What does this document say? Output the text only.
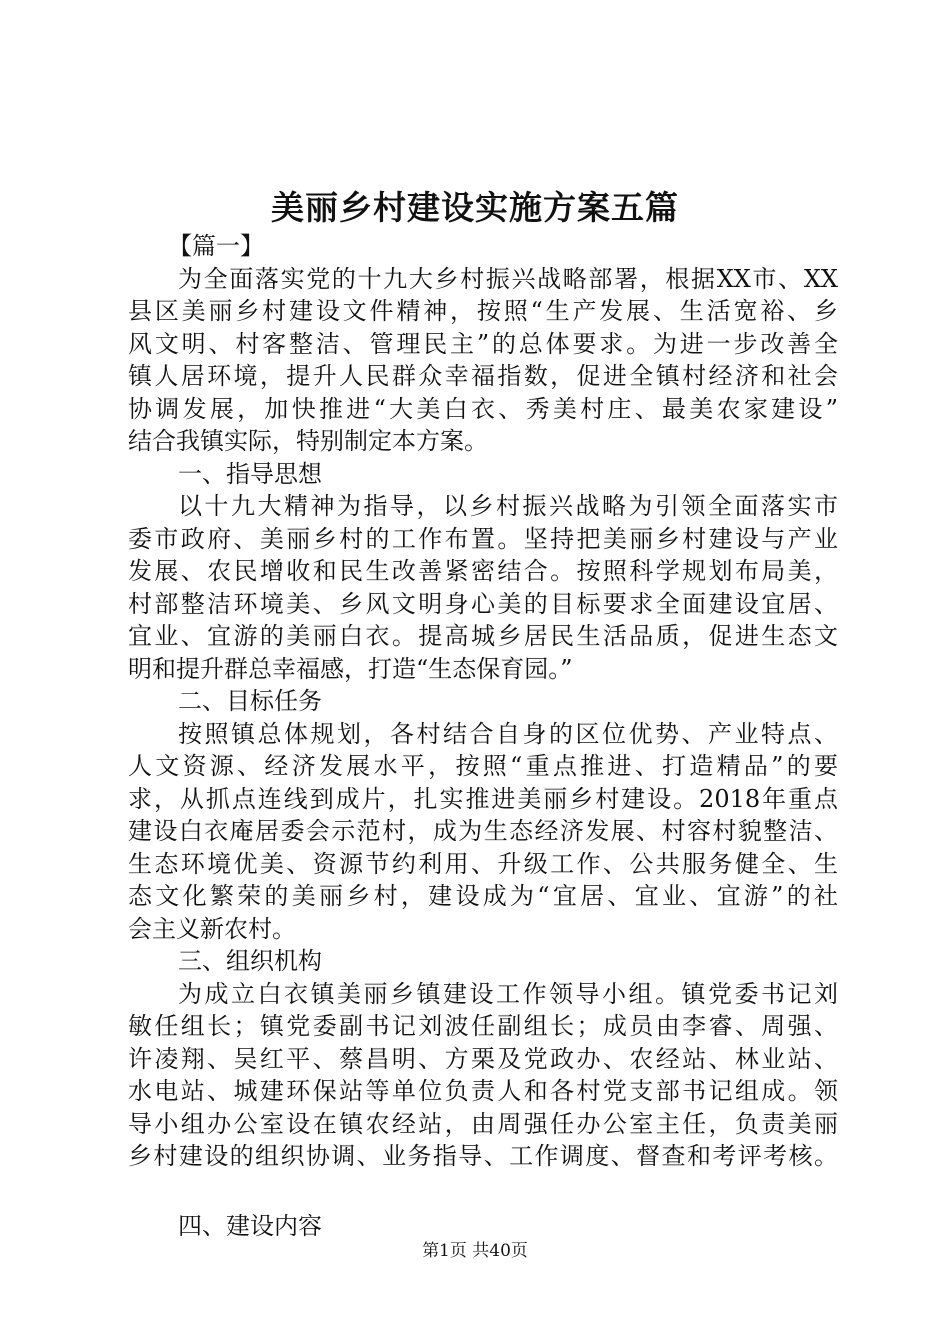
美丽乡村建设实施方案五篇
【篇一】
为全面落实党的十九大乡村振兴战略部署，根据XX市、XX
县区美丽乡村建设文件精神，按照“生产发展、生活宽裕、乡
风文明、村客整洁、管理民主”的总体要求。为进一步改善全
镇人居环境，提升人民群众幸福指数，促进全镇村经济和社会
协调发展，加快推进“大美白衣、秀美村庄、最美农家建设”
结合我镇实际，特别制定本方案。
一、指导思想
以十九大精神为指导，以乡村振兴战略为引领全面落实市
委市政府、美丽乡村的工作布置。坚持把美丽乡村建设与产业
发展、农民增收和民生改善紧密结合。按照科学规划布局美，
村部整洁环境美、乡风文明身心美的目标要求全面建设宜居、
宜业、宜游的美丽白衣。提高城乡居民生活品质，促进生态文
明和提升群总幸福感，打造“生态保育园。”
二、目标任务
按照镇总体规划，各村结合自身的区位优势、产业特点、
人文资源、经济发展水平，按照“重点推进、打造精品”的要
求，从抓点连线到成片，扎实推进美丽乡村建设。2018年重点
建设白衣庵居委会示范村，成为生态经济发展、村容村貌整洁、
生态环境优美、资源节约利用、升级工作、公共服务健全、生
态文化繁荣的美丽乡村，建设成为“宜居、宜业、宜游”的社
会主义新农村。
三、组织机构
为成立白衣镇美丽乡镇建设工作领导小组。镇党委书记刘
敏任组长；镇党委副书记刘波任副组长；成员由李睿、周强、
许凌翔、吴红平、蔡昌明、方栗及党政办、农经站、林业站、
水电站、城建环保站等单位负责人和各村党支部书记组成。领
导小组办公室设在镇农经站，由周强任办公室主任，负责美丽
乡村建设的组织协调、业务指导、工作调度、督查和考评考核。
四、建设内容
第1页 共40页
